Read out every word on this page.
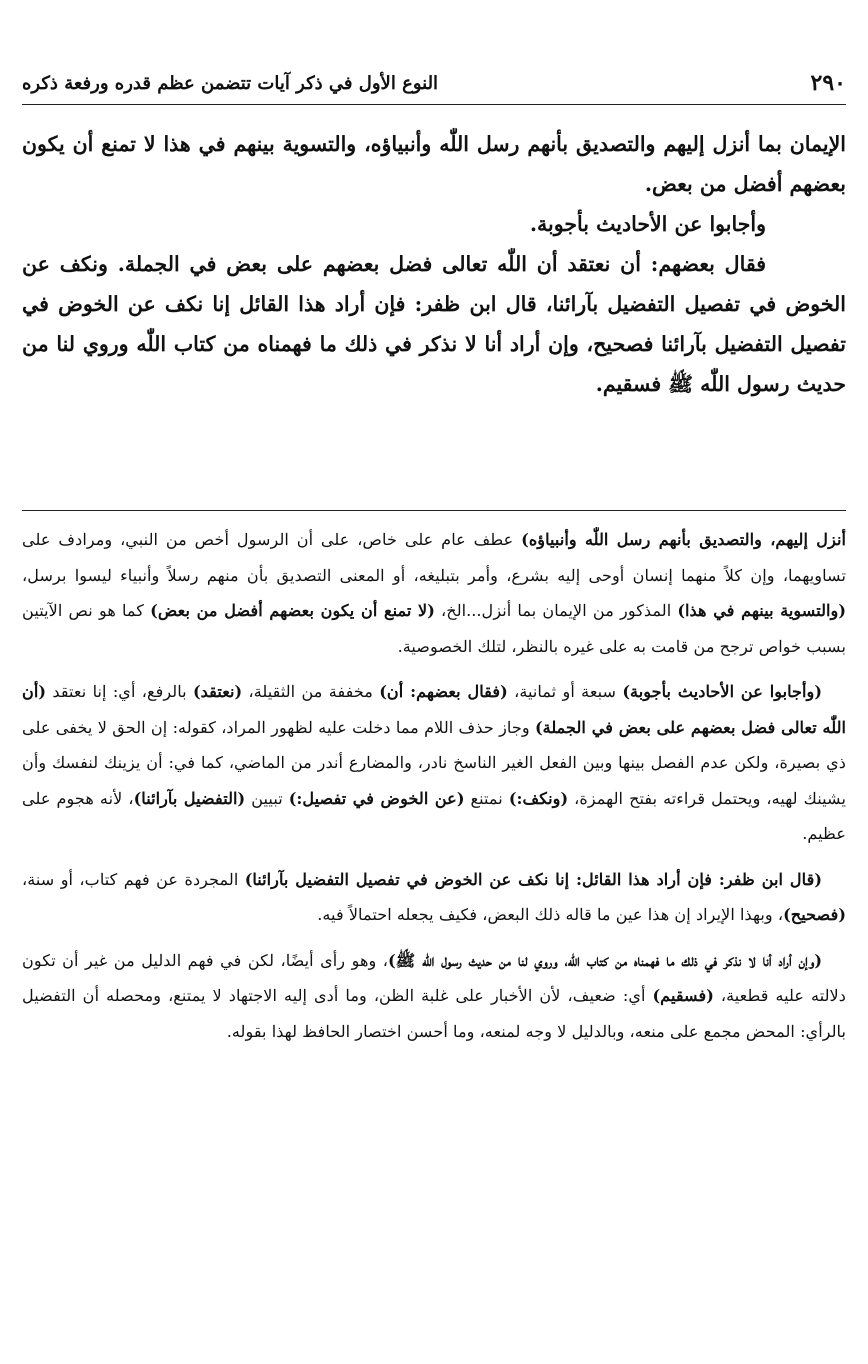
٢٩٠
النوع الأول في ذكر آيات تتضمن عظم قدره ورفعة ذكره

الإيمان بما أنزل إليهم والتصديق بأنهم رسل اللّٰه وأنبياؤه، والتسوية بينهم في هذا لا تمنع أن يكون بعضهم أفضل من بعض.

وأجابوا عن الأحاديث بأجوبة.

فقال بعضهم: أن نعتقد أن اللّٰه تعالى فضل بعضهم على بعض في الجملة. ونكف عن الخوض في تفصيل التفضيل بآرائنا، قال ابن ظفر: فإن أراد هذا القائل إنا نكف عن الخوض في تفصيل التفضيل بآرائنا فصحيح، وإن أراد أنا لا نذكر في ذلك ما فهمناه من كتاب اللّٰه وروي لنا من حديث رسول اللّٰه ﷺ فسقيم.

أنزل إليهم، والتصديق بأنهم رسل اللّٰه وأنبياؤه) عطف عام على خاص، على أن الرسول أخص من النبي، ومرادف على تساويهما، وإن كلاً منهما إنسان أوحى إليه بشرع، وأمر بتبليغه، أو المعنى التصديق بأن منهم رسلاً وأنبياء ليسوا برسل، (والتسوية بينهم في هذا) المذكور من الإيمان بما أنزل...الخ، (لا تمنع أن يكون بعضهم أفضل من بعض) كما هو نص الآيتين بسبب خواص ترجح من قامت به على غيره بالنظر، لتلك الخصوصية.

(وأجابوا عن الأحاديث بأجوبة) سبعة أو ثمانية، (فقال بعضهم: أن) مخففة من الثقيلة، (نعتقد) بالرفع، أي: إنا نعتقد (أن اللّٰه تعالى فضل بعضهم على بعض في الجملة) وجاز حذف اللام مما دخلت عليه لظهور المراد، كقوله: إن الحق لا يخفى على ذي بصيرة، ولكن عدم الفصل بينها وبين الفعل الغير الناسخ نادر، والمضارع أندر من الماضي، كما في: أن يزينك لنفسك وأن يشينك لهيه، ويحتمل قراءته بفتح الهمزة، (ونكف:) نمتنع (عن الخوض في تفصيل:) تبيين (التفضيل بآرائنا)، لأنه هجوم على عظيم.

(قال ابن ظفر: فإن أراد هذا القائل: إنا نكف عن الخوض في تفصيل التفضيل بآرائنا) المجردة عن فهم كتاب، أو سنة، (فصحيح)، وبهذا الإيراد إن هذا عين ما قاله ذلك البعض، فكيف يجعله احتمالاً فيه.

(وإن أراد أنا لا نذكر في ذلك ما فهمناه من كتاب اللّٰه، وروي لنا من حديث رسول اللّٰه ﷺ)، وهو رأى أيضًا، لكن في فهم الدليل من غير أن تكون دلالته عليه قطعية، (فسقيم) أي: ضعيف، لأن الأخبار على غلبة الظن، وما أدى إليه الاجتهاد لا يمتنع، ومحصله أن التفضيل بالرأي: المحض مجمع على منعه، وبالدليل لا وجه لمنعه، وما أحسن اختصار الحافظ لهذا بقوله.
